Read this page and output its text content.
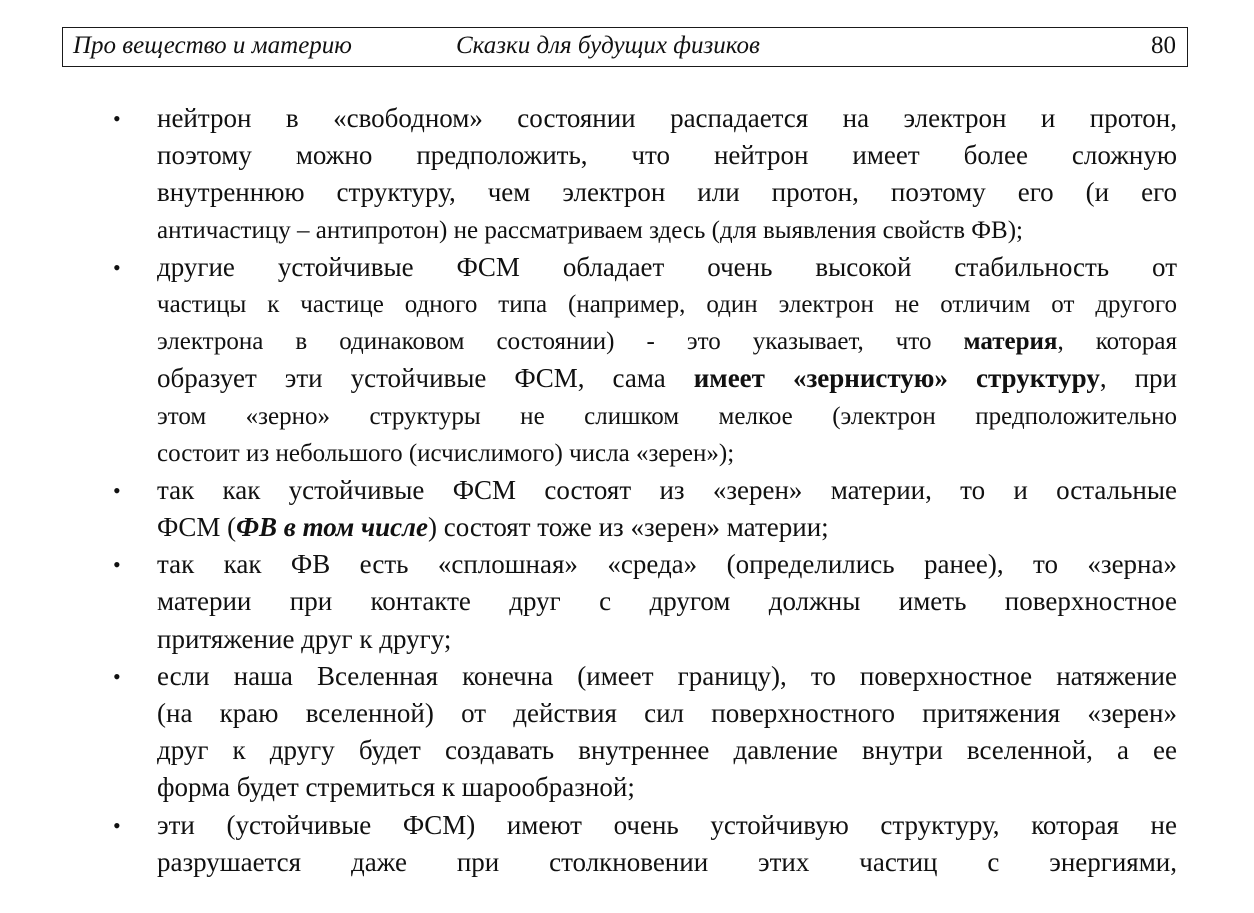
Про вещество и материю	Сказки для будущих физиков	80
• нейтрон в «свободном» состоянии распадается на электрон и протон,
поэтому можно предположить, что нейтрон имеет более сложную
внутреннюю структуру, чем электрон или протон, поэтому его (и его
античастицу – антипротон) не рассматриваем здесь (для выявления свойств ФВ);
• другие устойчивые ФСМ обладает очень высокой стабильность от
частицы к частице одного типа (например, один электрон не отличим от другого
электрона в одинаковом состоянии) - это указывает, что материя, которая
образует эти устойчивые ФСМ, сама имеет «зернистую» структуру, при
этом «зерно» структуры не слишком мелкое (электрон предположительно
состоит из небольшого (исчислимого) числа «зерен»);
• так как устойчивые ФСМ состоят из «зерен» материи, то и остальные
ФСМ (ФВ в том числе) состоят тоже из «зерен» материи;
• так как ФВ есть «сплошная» «среда» (определились ранее), то «зерна»
материи при контакте друг с другом должны иметь поверхностное
притяжение друг к другу;
• если наша Вселенная конечна (имеет границу), то поверхностное натяжение
(на краю вселенной) от действия сил поверхностного притяжения «зерен»
друг к другу будет создавать внутреннее давление внутри вселенной, а ее
форма будет стремиться к шарообразной;
• эти (устойчивые ФСМ) имеют очень устойчивую структуру, которая не
разрушается даже при столкновении этих частиц с энергиями,
